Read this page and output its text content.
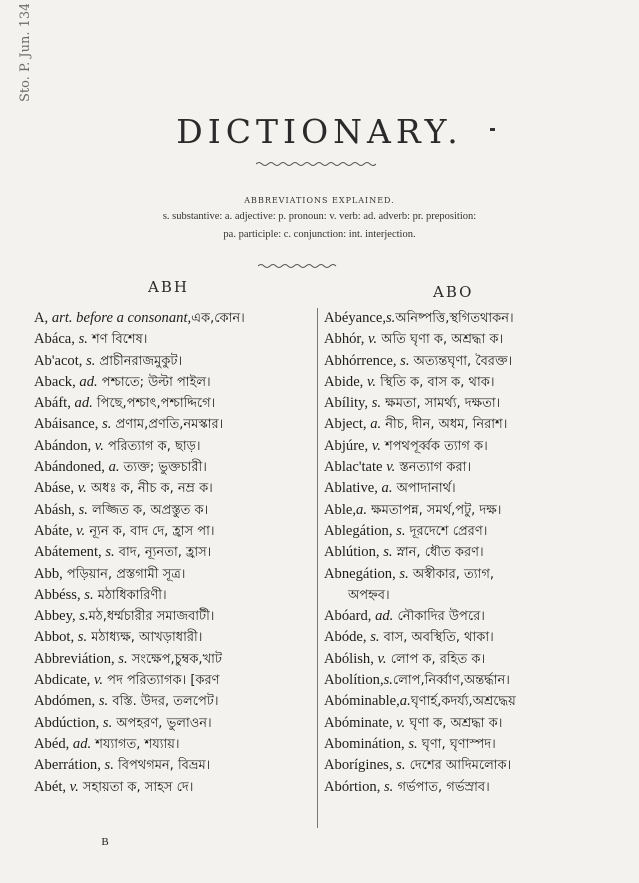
Sto. P. Jun. 134
DICTIONARY.
ABBREVIATIONS EXPLAINED.
s. substantive: a. adjective: p. pronoun: v. verb: ad. adverb: pr. preposition:
pa. participle: c. conjunction: int. interjection.
ABH	ABO
A, art. before a consonant,এক,কোন।
Abáca, s. শণ বিশেষ।
Ab'acot, s. প্রাচীনরাজমুকুট।
Aback, ad. পশ্চাতে; উল্টা পাইল।
Abáft, ad. পিছে,পশ্চাৎ,পশ্চাদ্দিগে।
Abáisance, s. প্রণাম,প্রণতি,নমস্কার।
Abándon, v. পরিত্যাগ ক, ছাড়।
Abándoned, a. ত্যক্ত; ভুক্তচারী।
Abáse, v. অধঃ ক, নীচ ক, নম্র ক।
Abásh, s. লজ্জিত ক, অপ্রস্তুত ক।
Abáte, v. ন্যূন ক, বাদ দে, হ্রাস পা।
Abátement, s. বাদ, ন্যূনতা, হ্রাস।
Abb, পড়িয়ান, প্রস্তগামী সূত্র।
Abbéss, s. মঠাধিকারিণী।
Abbey, s.মঠ,ধর্ম্মচারীর সমাজবাটী।
Abbot, s. মঠাধ্যক্ষ, আখড়াধারী।
Abbreviátion, s. সংক্ষেপ,চুম্বক,খাট
Abdicate, v. পদ পরিত্যাগক। [করণ
Abdómen, s. বস্তি. উদর, তলপেট।
Abdúction, s. অপহরণ, ভুলাওন।
Abéd, ad. শয্যাগত, শয্যায়।
Aberrátion, s. বিপথগমন, বিভ্রম।
Abét, v. সহায়তা ক, সাহস দে।
Abéyance,s.অনিষ্পত্তি,স্থগিতথাকন।
Abhór, v. অতি ঘৃণা ক, অশ্রদ্ধা ক।
Abhórrence, s. অত্যন্তঘৃণা, বৈরক্ত।
Abide, v. স্থিতি ক, বাস ক, থাক।
Abílity, s. ক্ষমতা, সামর্থ্য, দক্ষতা।
Abject, a. নীচ, দীন, অধম, নিরাশ।
Abjúre, v. শপথপূর্ব্বক ত্যাগ ক।
Ablac'tate v. স্তনত্যাগ করা।
Ablative, a. অপাদানার্থ।
Able,a. ক্ষমতাপন্ন, সমর্থ,পটু, দক্ষ।
Ablegátion, s. দূরদেশে প্রেরণ।
Ablútion, s. স্নান, ধৌত করণ।
Abnegátion, s. অস্বীকার, ত্যাগ,
অপহ্নব।
Abóard, ad. নৌকাদির উপরে।
Abóde, s. বাস, অবস্থিতি, থাকা।
Abólish, v. লোপ ক, রহিত ক।
Abolítion,s.লোপ,নির্ব্বাণ,অন্তর্দ্ধান।
Abóminable,a.ঘৃণার্হ,কদর্য্য,অশ্রদ্ধেয়
Abóminate, v. ঘৃণা ক, অশ্রদ্ধা ক।
Abominátion, s. ঘৃণা, ঘৃণাস্পদ।
Aborígines, s. দেশের আদিমলোক।
Abórtion, s. গর্ভপাত, গর্ভস্রাব।
B
